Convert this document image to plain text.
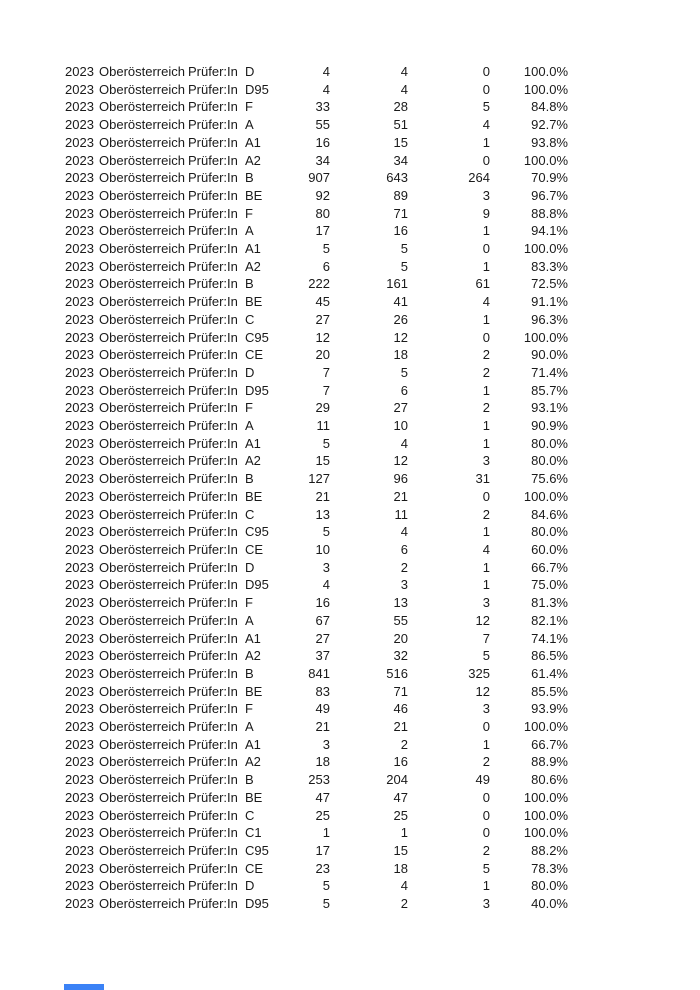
2023	Oberösterreich	Prüfer:In	D	4	4	0	100.0%
2023	Oberösterreich	Prüfer:In	D95	4	4	0	100.0%
2023	Oberösterreich	Prüfer:In	F	33	28	5	84.8%
2023	Oberösterreich	Prüfer:In	A	55	51	4	92.7%
2023	Oberösterreich	Prüfer:In	A1	16	15	1	93.8%
2023	Oberösterreich	Prüfer:In	A2	34	34	0	100.0%
2023	Oberösterreich	Prüfer:In	B	907	643	264	70.9%
2023	Oberösterreich	Prüfer:In	BE	92	89	3	96.7%
2023	Oberösterreich	Prüfer:In	F	80	71	9	88.8%
2023	Oberösterreich	Prüfer:In	A	17	16	1	94.1%
2023	Oberösterreich	Prüfer:In	A1	5	5	0	100.0%
2023	Oberösterreich	Prüfer:In	A2	6	5	1	83.3%
2023	Oberösterreich	Prüfer:In	B	222	161	61	72.5%
2023	Oberösterreich	Prüfer:In	BE	45	41	4	91.1%
2023	Oberösterreich	Prüfer:In	C	27	26	1	96.3%
2023	Oberösterreich	Prüfer:In	C95	12	12	0	100.0%
2023	Oberösterreich	Prüfer:In	CE	20	18	2	90.0%
2023	Oberösterreich	Prüfer:In	D	7	5	2	71.4%
2023	Oberösterreich	Prüfer:In	D95	7	6	1	85.7%
2023	Oberösterreich	Prüfer:In	F	29	27	2	93.1%
2023	Oberösterreich	Prüfer:In	A	11	10	1	90.9%
2023	Oberösterreich	Prüfer:In	A1	5	4	1	80.0%
2023	Oberösterreich	Prüfer:In	A2	15	12	3	80.0%
2023	Oberösterreich	Prüfer:In	B	127	96	31	75.6%
2023	Oberösterreich	Prüfer:In	BE	21	21	0	100.0%
2023	Oberösterreich	Prüfer:In	C	13	11	2	84.6%
2023	Oberösterreich	Prüfer:In	C95	5	4	1	80.0%
2023	Oberösterreich	Prüfer:In	CE	10	6	4	60.0%
2023	Oberösterreich	Prüfer:In	D	3	2	1	66.7%
2023	Oberösterreich	Prüfer:In	D95	4	3	1	75.0%
2023	Oberösterreich	Prüfer:In	F	16	13	3	81.3%
2023	Oberösterreich	Prüfer:In	A	67	55	12	82.1%
2023	Oberösterreich	Prüfer:In	A1	27	20	7	74.1%
2023	Oberösterreich	Prüfer:In	A2	37	32	5	86.5%
2023	Oberösterreich	Prüfer:In	B	841	516	325	61.4%
2023	Oberösterreich	Prüfer:In	BE	83	71	12	85.5%
2023	Oberösterreich	Prüfer:In	F	49	46	3	93.9%
2023	Oberösterreich	Prüfer:In	A	21	21	0	100.0%
2023	Oberösterreich	Prüfer:In	A1	3	2	1	66.7%
2023	Oberösterreich	Prüfer:In	A2	18	16	2	88.9%
2023	Oberösterreich	Prüfer:In	B	253	204	49	80.6%
2023	Oberösterreich	Prüfer:In	BE	47	47	0	100.0%
2023	Oberösterreich	Prüfer:In	C	25	25	0	100.0%
2023	Oberösterreich	Prüfer:In	C1	1	1	0	100.0%
2023	Oberösterreich	Prüfer:In	C95	17	15	2	88.2%
2023	Oberösterreich	Prüfer:In	CE	23	18	5	78.3%
2023	Oberösterreich	Prüfer:In	D	5	4	1	80.0%
2023	Oberösterreich	Prüfer:In	D95	5	2	3	40.0%
